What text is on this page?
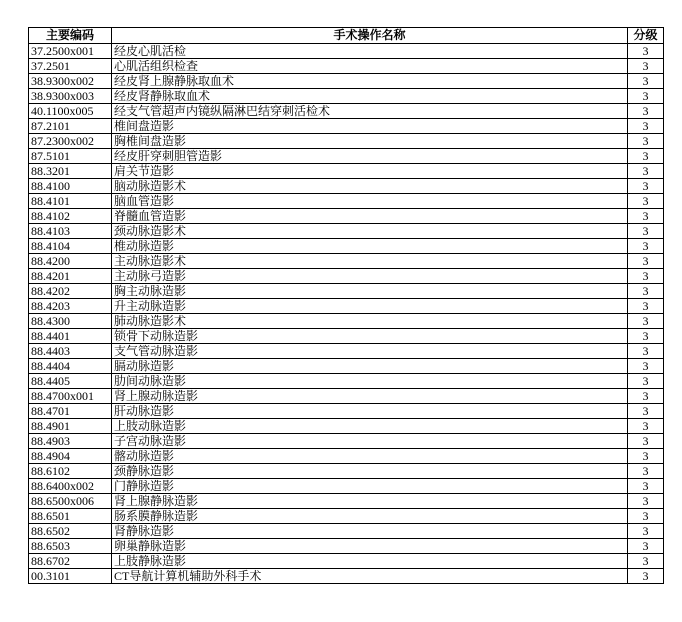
主要编码	手术操作名称	分级
37.2500x001	经皮心肌活检	3
37.2501	心肌活组织检查	3
38.9300x002	经皮肾上腺静脉取血术	3
38.9300x003	经皮肾静脉取血术	3
40.1100x005	经支气管超声内镜纵隔淋巴结穿刺活检术	3
87.2101	椎间盘造影	3
87.2300x002	胸椎间盘造影	3
87.5101	经皮肝穿刺胆管造影	3
88.3201	肩关节造影	3
88.4100	脑动脉造影术	3
88.4101	脑血管造影	3
88.4102	脊髓血管造影	3
88.4103	颈动脉造影术	3
88.4104	椎动脉造影	3
88.4200	主动脉造影术	3
88.4201	主动脉弓造影	3
88.4202	胸主动脉造影	3
88.4203	升主动脉造影	3
88.4300	肺动脉造影术	3
88.4401	锁骨下动脉造影	3
88.4403	支气管动脉造影	3
88.4404	膈动脉造影	3
88.4405	肋间动脉造影	3
88.4700x001	肾上腺动脉造影	3
88.4701	肝动脉造影	3
88.4901	上肢动脉造影	3
88.4903	子宫动脉造影	3
88.4904	髂动脉造影	3
88.6102	颈静脉造影	3
88.6400x002	门静脉造影	3
88.6500x006	肾上腺静脉造影	3
88.6501	肠系膜静脉造影	3
88.6502	肾静脉造影	3
88.6503	卵巢静脉造影	3
88.6702	上肢静脉造影	3
00.3101	CT导航计算机辅助外科手术	3
